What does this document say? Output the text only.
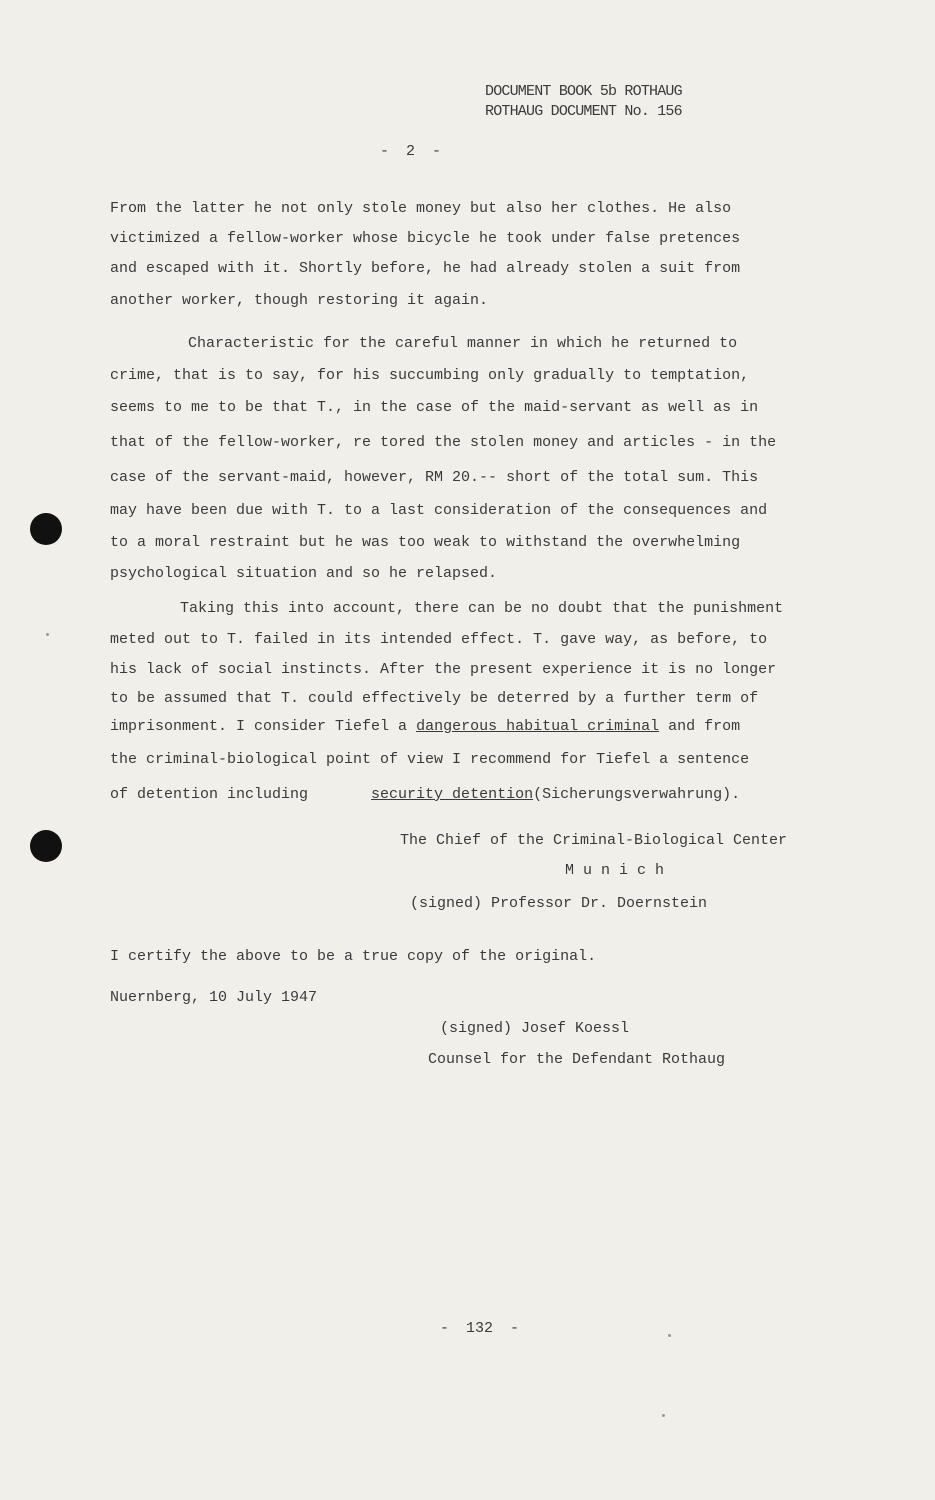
DOCUMENT BOOK 5b ROTHAUG
ROTHAUG DOCUMENT No. 156
- 2 -
From the latter he not only stole money but also her clothes. He also
victimized a fellow-worker whose bicycle he took under false pretences
and escaped with it. Shortly before, he had already stolen a suit from
another worker, though restoring it again.
Characteristic for the careful manner in which he returned to
crime, that is to say, for his succumbing only gradually to temptation,
seems to me to be that T., in the case of the maid-servant as well as in
that of the fellow-worker, re tored the stolen money and articles - in the
case of the servant-maid, however, RM 20.-- short of the total sum. This
may have been due with T. to a last consideration of the consequences and
to a moral restraint but he was too weak to withstand the overwhelming
psychological situation and so he relapsed.
Taking this into account, there can be no doubt that the punishment
meted out to T. failed in its intended effect. T. gave way, as before, to
his lack of social instincts. After the present experience it is no longer
to be assumed that T. could effectively be deterred by a further term of
imprisonment. I consider Tiefel a dangerous habitual criminal and from
the criminal-biological point of view I recommend for Tiefel a sentence
of detention including	security detention(Sicherungsverwahrung).
The Chief of the Criminal-Biological Center
M u n i c h
(signed) Professor Dr. Doernstein
I certify the above to be a true copy of the original.
Nuernberg, 10 July 1947
(signed) Josef Koessl
Counsel for the Defendant Rothaug
- 132 -
